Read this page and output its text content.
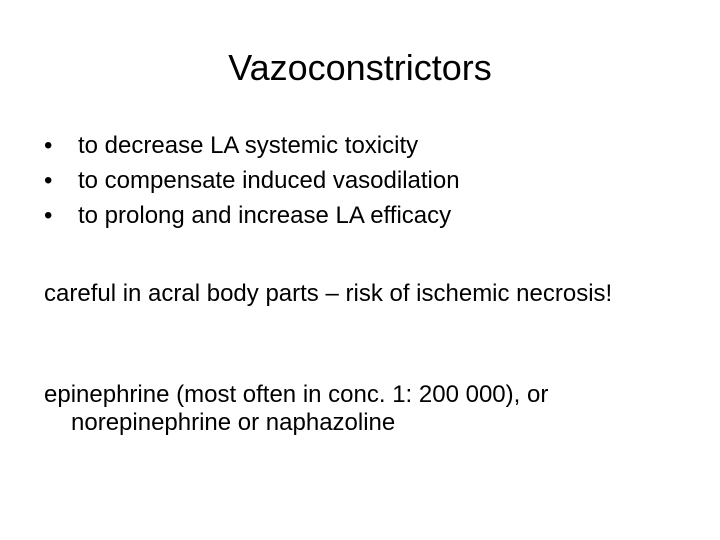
Vazoconstrictors
•	to decrease LA systemic toxicity
•	to compensate induced vasodilation
•	to prolong and increase LA efficacy
careful in acral body parts – risk of ischemic necrosis!
epinephrine (most often in conc. 1: 200 000), or norepinephrine or naphazoline
